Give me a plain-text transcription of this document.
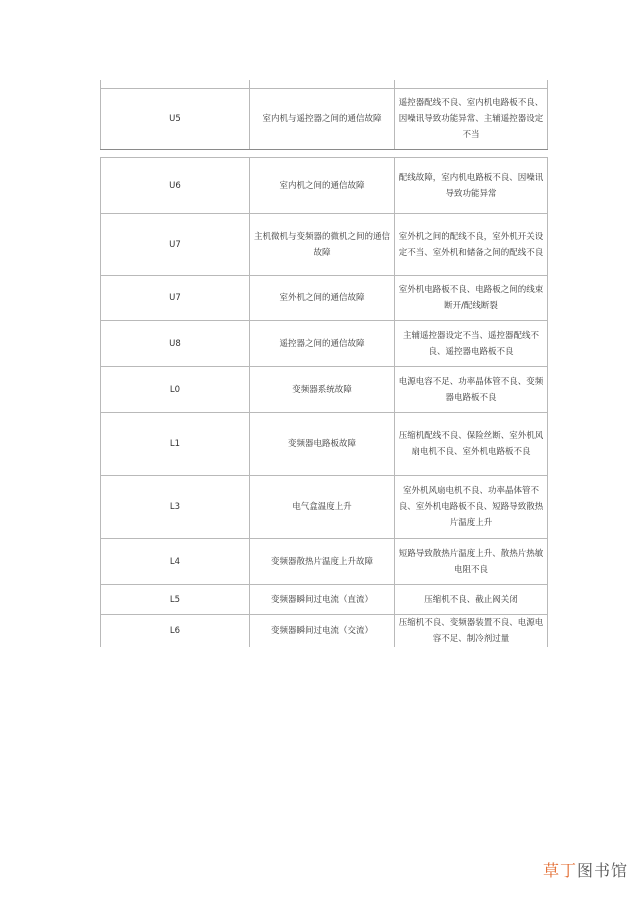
U5	室内机与遥控器之间的通信故障	遥控器配线不良、室内机电路板不良、因噪讯导致功能异常、主辅遥控器设定不当
U6	室内机之间的通信故障	配线故障，室内机电路板不良、因噪讯导致功能异常
U7	主机微机与变频器的微机之间的通信故障	室外机之间的配线不良，室外机开关设定不当、室外机和储备之间的配线不良
U7	室外机之间的通信故障	室外机电路板不良、电路板之间的线束断开/配线断裂
U8	遥控器之间的通信故障	主辅遥控器设定不当、遥控器配线不良、遥控器电路板不良
L0	变频器系统故障	电源电容不足、功率晶体管不良、变频器电路板不良
L1	变频器电路板故障	压缩机配线不良、保险丝断、室外机风扇电机不良、室外机电路板不良
L3	电气盒温度上升	室外机风扇电机不良、功率晶体管不良、室外机电路板不良、短路导致散热片温度上升
L4	变频器散热片温度上升故障	短路导致散热片温度上升、散热片热敏电阻不良
L5	变频器瞬间过电流（直流）	压缩机不良、截止阀关闭
L6	变频器瞬间过电流（交流）	压缩机不良、变频器装置不良、电源电容不足、制冷剂过量
草丁图书馆
